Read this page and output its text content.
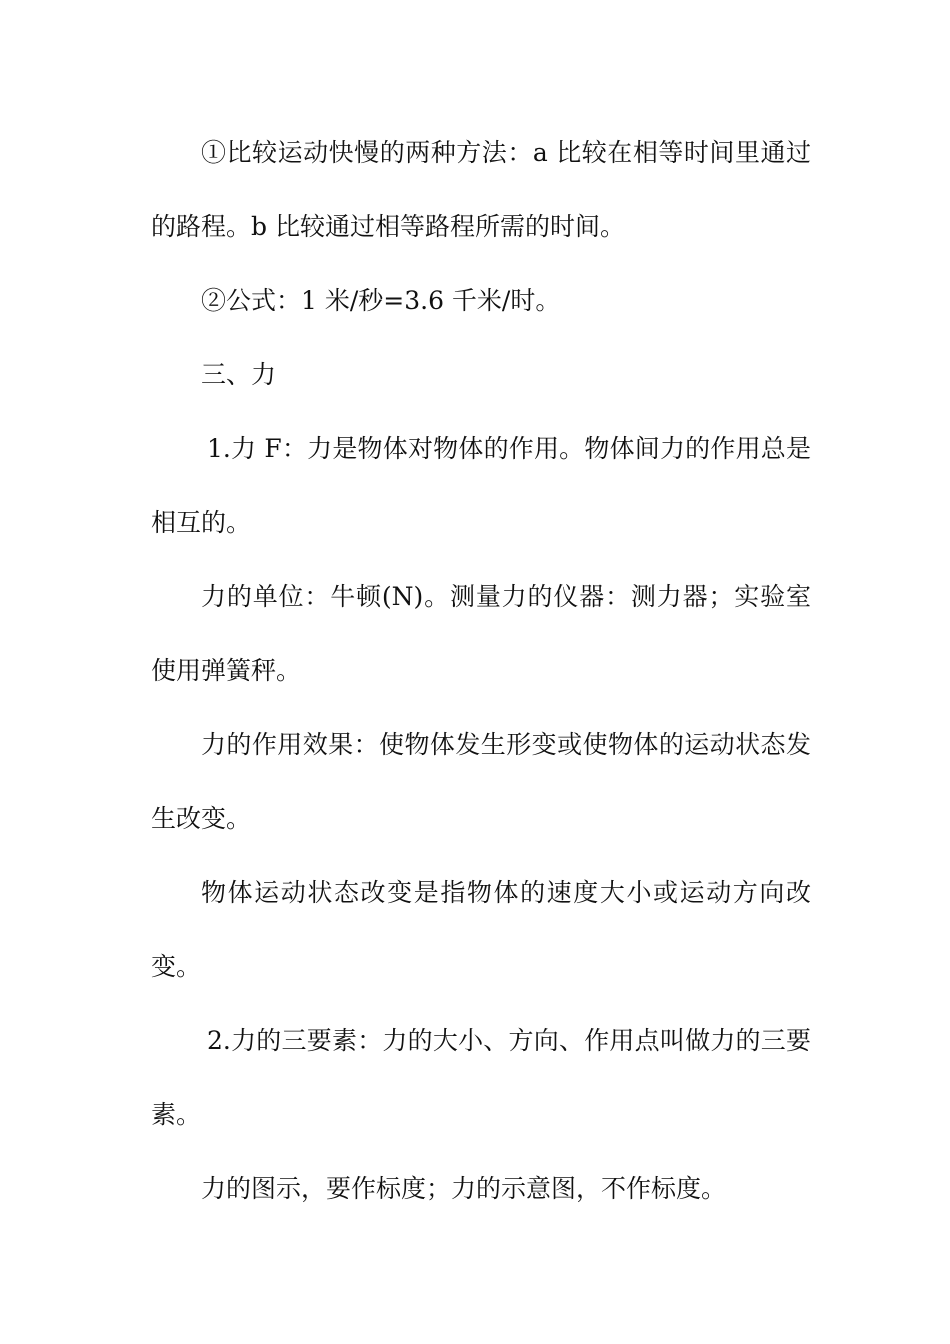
①比较运动快慢的两种方法：a 比较在相等时间里通过的路程。b 比较通过相等路程所需的时间。

②公式：1 米/秒=3.6 千米/时。

三、力

1.力 F：力是物体对物体的作用。物体间力的作用总是相互的。

力的单位：牛顿(N)。测量力的仪器：测力器；实验室使用弹簧秤。

力的作用效果：使物体发生形变或使物体的运动状态发生改变。

物体运动状态改变是指物体的速度大小或运动方向改变。

2.力的三要素：力的大小、方向、作用点叫做力的三要素。

力的图示，要作标度；力的示意图，不作标度。
